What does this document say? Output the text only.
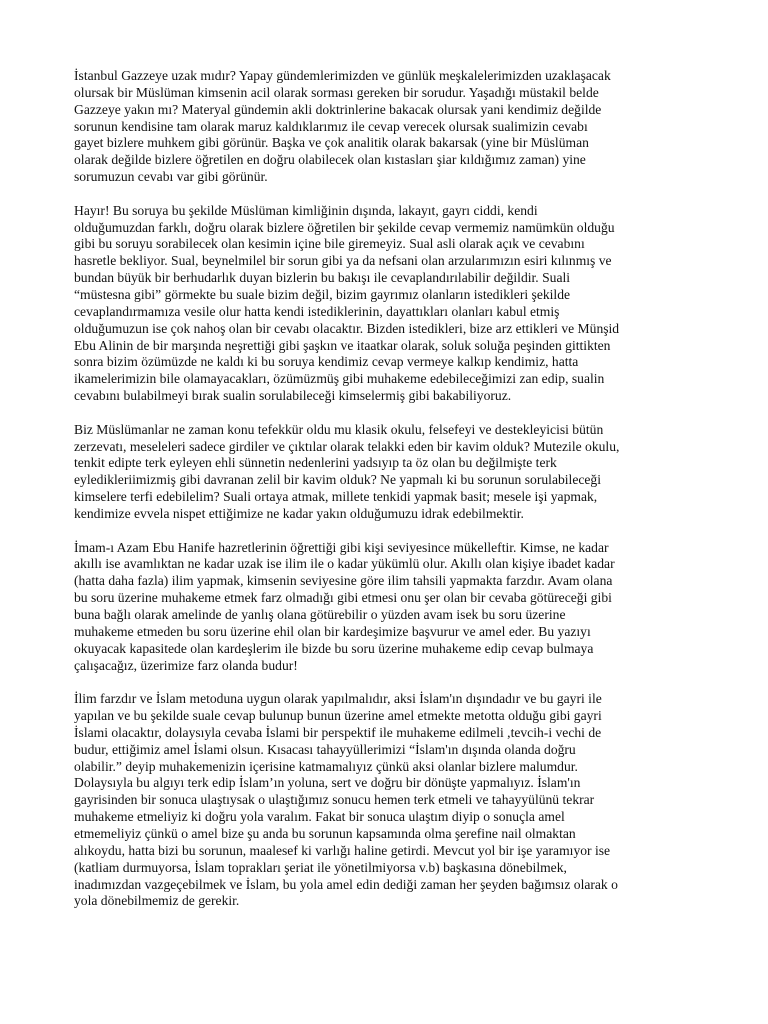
İstanbul Gazzeye uzak mıdır? Yapay gündemlerimizden ve günlük meşkalelerimizden uzaklaşacak
olursak bir Müslüman kimsenin acil olarak sorması gereken bir sorudur. Yaşadığı müstakil belde
Gazzeye yakın mı? Materyal gündemin akli doktrinlerine bakacak olursak yani kendimiz değilde
sorunun kendisine tam olarak maruz kaldıklarımız ile cevap verecek olursak sualimizin cevabı
gayet bizlere muhkem gibi görünür. Başka ve çok analitik olarak bakarsak (yine bir Müslüman
olarak değilde bizlere öğretilen en doğru olabilecek olan kıstasları şiar kıldığımız zaman) yine
sorumuzun cevabı var gibi görünür.

Hayır! Bu soruya bu şekilde Müslüman kimliğinin dışında, lakayıt, gayrı ciddi, kendi
olduğumuzdan farklı, doğru olarak bizlere öğretilen bir şekilde cevap vermemiz namümkün olduğu
gibi bu soruyu sorabilecek olan kesimin içine bile giremeyiz. Sual asli olarak açık ve cevabını
hasretle bekliyor. Sual, beynelmilel bir sorun gibi ya da nefsani olan arzularımızın esiri kılınmış ve
bundan büyük bir berhudarlık duyan bizlerin bu bakışı ile cevaplandırılabilir değildir. Suali
“müstesna gibi” görmekte bu suale bizim değil, bizim gayrımız olanların istedikleri şekilde
cevaplandırmamıza vesile olur hatta kendi istediklerinin, dayattıkları olanları kabul etmiş
olduğumuzun ise çok nahoş olan bir cevabı olacaktır. Bizden istedikleri, bize arz ettikleri ve Münşid
Ebu Alinin de bir marşında neşrettiği gibi şaşkın ve itaatkar olarak, soluk soluğa peşinden gittikten
sonra bizim özümüzde ne kaldı ki bu soruya kendimiz cevap vermeye kalkıp kendimiz, hatta
ikamelerimizin bile olamayacakları, özümüzmüş gibi muhakeme edebileceğimizi zan edip, sualin
cevabını bulabilmeyi bırak sualin sorulabileceği kimselermiş gibi bakabiliyoruz.

Biz Müslümanlar ne zaman konu tefekkür oldu mu klasik okulu, felsefeyi ve destekleyicisi bütün
zerzevatı, meseleleri sadece girdiler ve çıktılar olarak telakki eden bir kavim olduk? Mutezile okulu,
tenkit edipte terk eyleyen ehli sünnetin nedenlerini yadsıyıp ta öz olan bu değilmişte terk
eyledikleriimizmiş gibi davranan zelil bir kavim olduk? Ne yapmalı ki bu sorunun sorulabileceği
kimselere terfi edebilelim? Suali ortaya atmak, millete tenkidi yapmak basit; mesele işi yapmak,
kendimize evvela nispet ettiğimize ne kadar yakın olduğumuzu idrak edebilmektir.

İmam-ı Azam Ebu Hanife hazretlerinin öğrettiği gibi kişi seviyesince mükelleftir. Kimse, ne kadar
akıllı ise avamlıktan ne kadar uzak ise ilim ile o kadar yükümlü olur. Akıllı olan kişiye ibadet kadar
(hatta daha fazla) ilim yapmak, kimsenin seviyesine göre ilim tahsili yapmakta farzdır. Avam olana
bu soru üzerine muhakeme etmek farz olmadığı gibi etmesi onu şer olan bir cevaba götüreceği gibi
buna bağlı olarak amelinde de yanlış olana götürebilir o yüzden avam isek bu soru üzerine
muhakeme etmeden bu soru üzerine ehil olan bir kardeşimize başvurur ve amel eder. Bu yazıyı
okuyacak kapasitede olan kardeşlerim ile bizde bu soru üzerine muhakeme edip cevap bulmaya
çalışacağız, üzerimize farz olanda budur!

İlim farzdır ve İslam metoduna uygun olarak yapılmalıdır, aksi İslam'ın dışındadır ve bu gayri ile
yapılan ve bu şekilde suale cevap bulunup bunun üzerine amel etmekte metotta olduğu gibi gayri
İslami olacaktır, dolaysıyla cevaba İslami bir perspektif ile muhakeme edilmeli ,tevcih-i vechi de
budur, ettiğimiz amel İslami olsun. Kısacası tahayyüllerimizi “İslam'ın dışında olanda doğru
olabilir.” deyip muhakemenizin içerisine katmamalıyız çünkü aksi olanlar bizlere malumdur.
Dolaysıyla bu algıyı terk edip İslam’ın yoluna, sert ve doğru bir dönüşte yapmalıyız. İslam'ın
gayrisinden bir sonuca ulaştıysak o ulaştığımız sonucu hemen terk etmeli ve tahayyülünü tekrar
muhakeme etmeliyiz ki doğru yola varalım. Fakat bir sonuca ulaştım diyip o sonuçla amel
etmemeliyiz çünkü o amel bize şu anda bu sorunun kapsamında olma şerefine nail olmaktan
alıkoydu, hatta bizi bu sorunun, maalesef ki varlığı haline getirdi. Mevcut yol bir işe yaramıyor ise
(katliam durmuyorsa, İslam toprakları şeriat ile yönetilmiyorsa v.b) başkasına dönebilmek,
inadımızdan vazgeçebilmek ve İslam, bu yola amel edin dediği zaman her şeyden bağımsız olarak o
yola dönebilmemiz de gerekir.
